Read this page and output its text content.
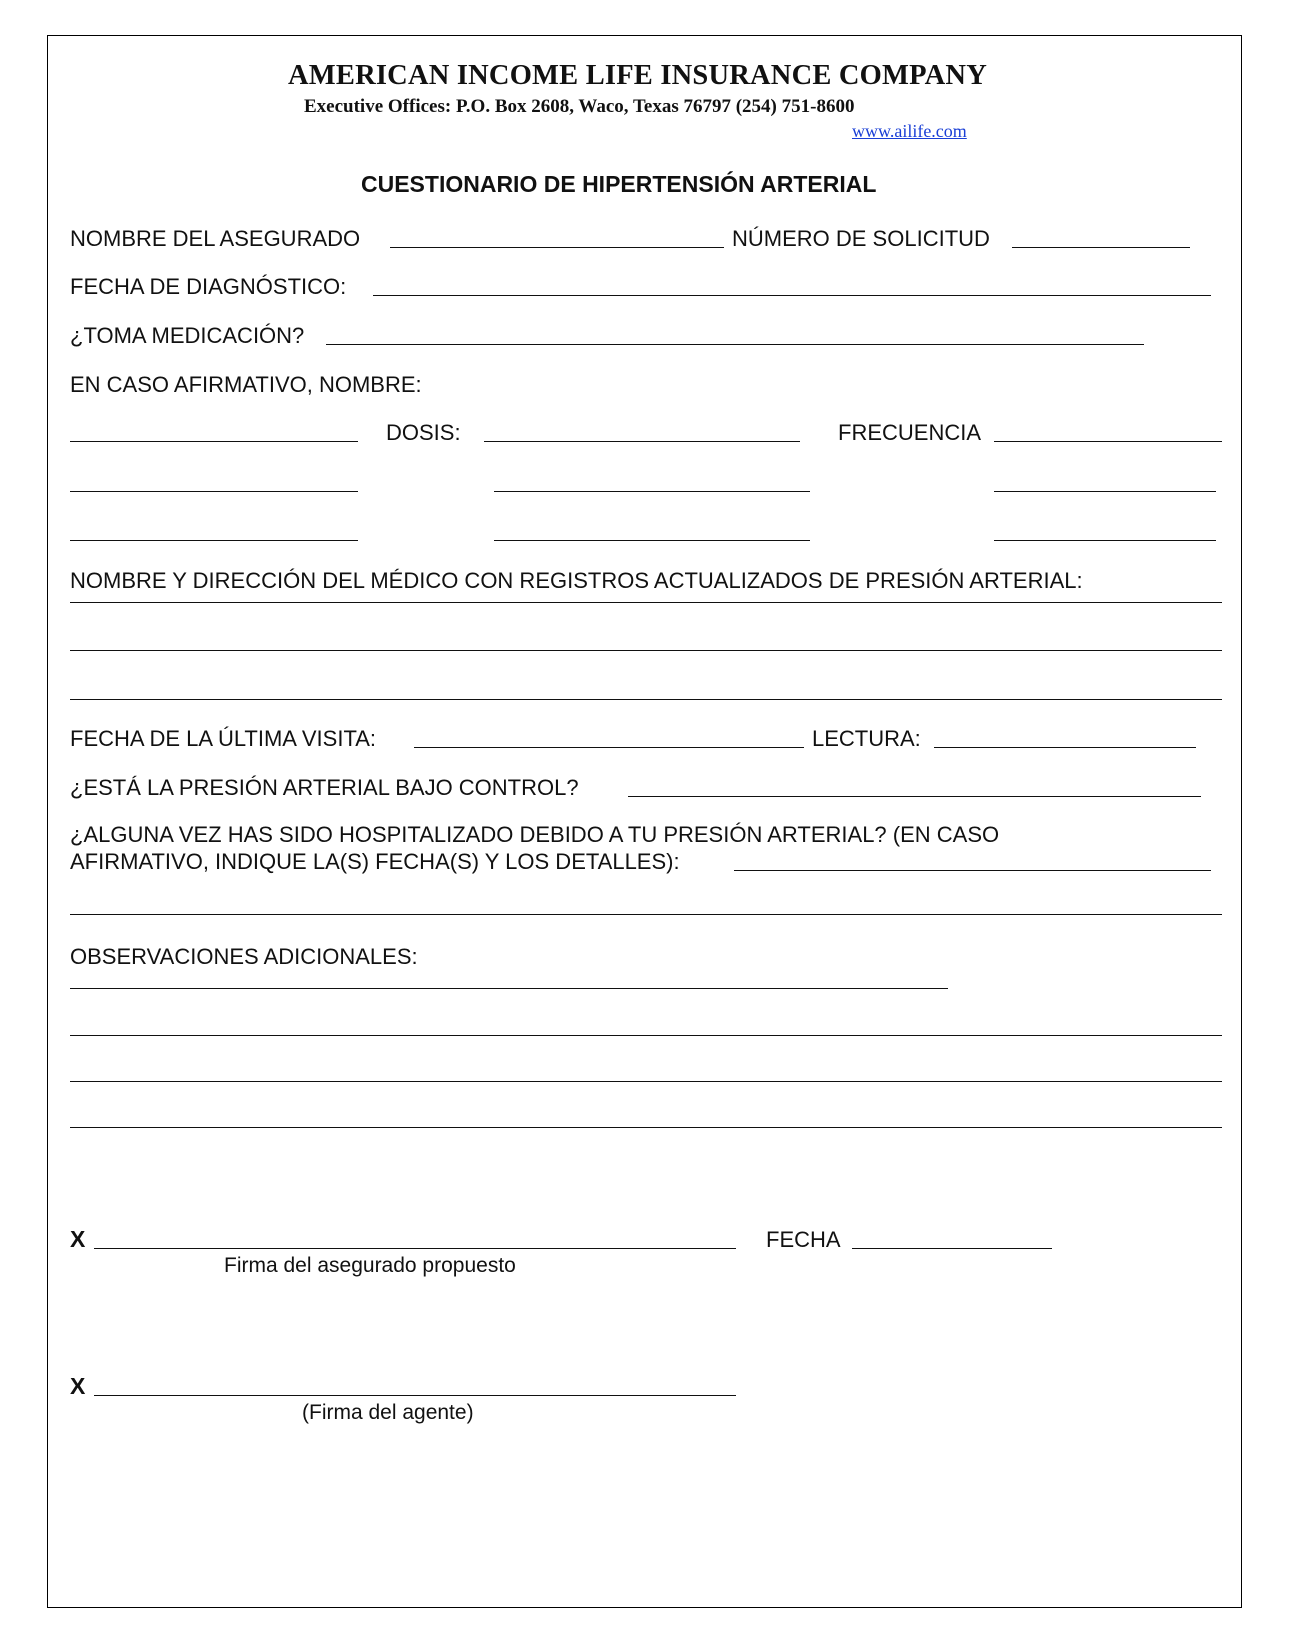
AMERICAN INCOME LIFE INSURANCE COMPANY
Executive Offices: P.O. Box 2608, Waco, Texas 76797 (254) 751-8600
www.ailife.com
CUESTIONARIO DE HIPERTENSIÓN ARTERIAL
NOMBRE DEL ASEGURADO	NÚMERO DE SOLICITUD
FECHA DE DIAGNÓSTICO:
¿TOMA MEDICACIÓN?
EN CASO AFIRMATIVO, NOMBRE:
DOSIS:	FRECUENCIA
NOMBRE Y DIRECCIÓN DEL MÉDICO CON REGISTROS ACTUALIZADOS DE PRESIÓN ARTERIAL:
FECHA DE LA ÚLTIMA VISITA:	LECTURA:
¿ESTÁ LA PRESIÓN ARTERIAL BAJO CONTROL?
¿ALGUNA VEZ HAS SIDO HOSPITALIZADO DEBIDO A TU PRESIÓN ARTERIAL? (EN CASO
AFIRMATIVO, INDIQUE LA(S) FECHA(S) Y LOS DETALLES):
OBSERVACIONES ADICIONALES:
X	FECHA
Firma del asegurado propuesto
X
(Firma del agente)
